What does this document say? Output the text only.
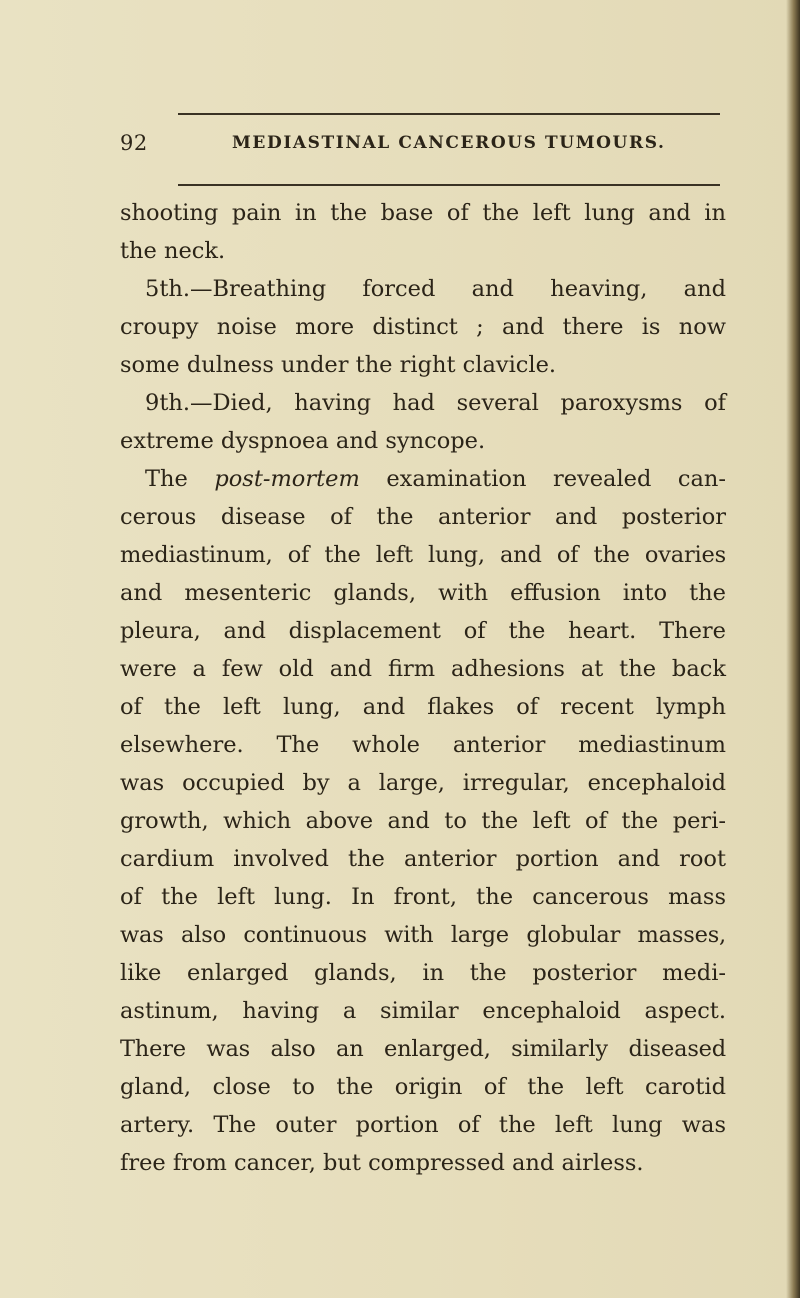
92	MEDIASTINAL CANCEROUS TUMOURS.
shooting pain in the base of the left lung and in
the neck.
5th.—Breathing forced and heaving, and
croupy noise more distinct ; and there is now
some dulness under the right clavicle.
9th.—Died, having had several paroxysms of
extreme dyspnoea and syncope.
The post-mortem examination revealed can-
cerous disease of the anterior and posterior
mediastinum, of the left lung, and of the ovaries
and mesenteric glands, with effusion into the
pleura, and displacement of the heart. There
were a few old and firm adhesions at the back
of the left lung, and flakes of recent lymph
elsewhere. The whole anterior mediastinum
was occupied by a large, irregular, encephaloid
growth, which above and to the left of the peri-
cardium involved the anterior portion and root
of the left lung. In front, the cancerous mass
was also continuous with large globular masses,
like enlarged glands, in the posterior medi-
astinum, having a similar encephaloid aspect.
There was also an enlarged, similarly diseased
gland, close to the origin of the left carotid
artery. The outer portion of the left lung was
free from cancer, but compressed and airless.
